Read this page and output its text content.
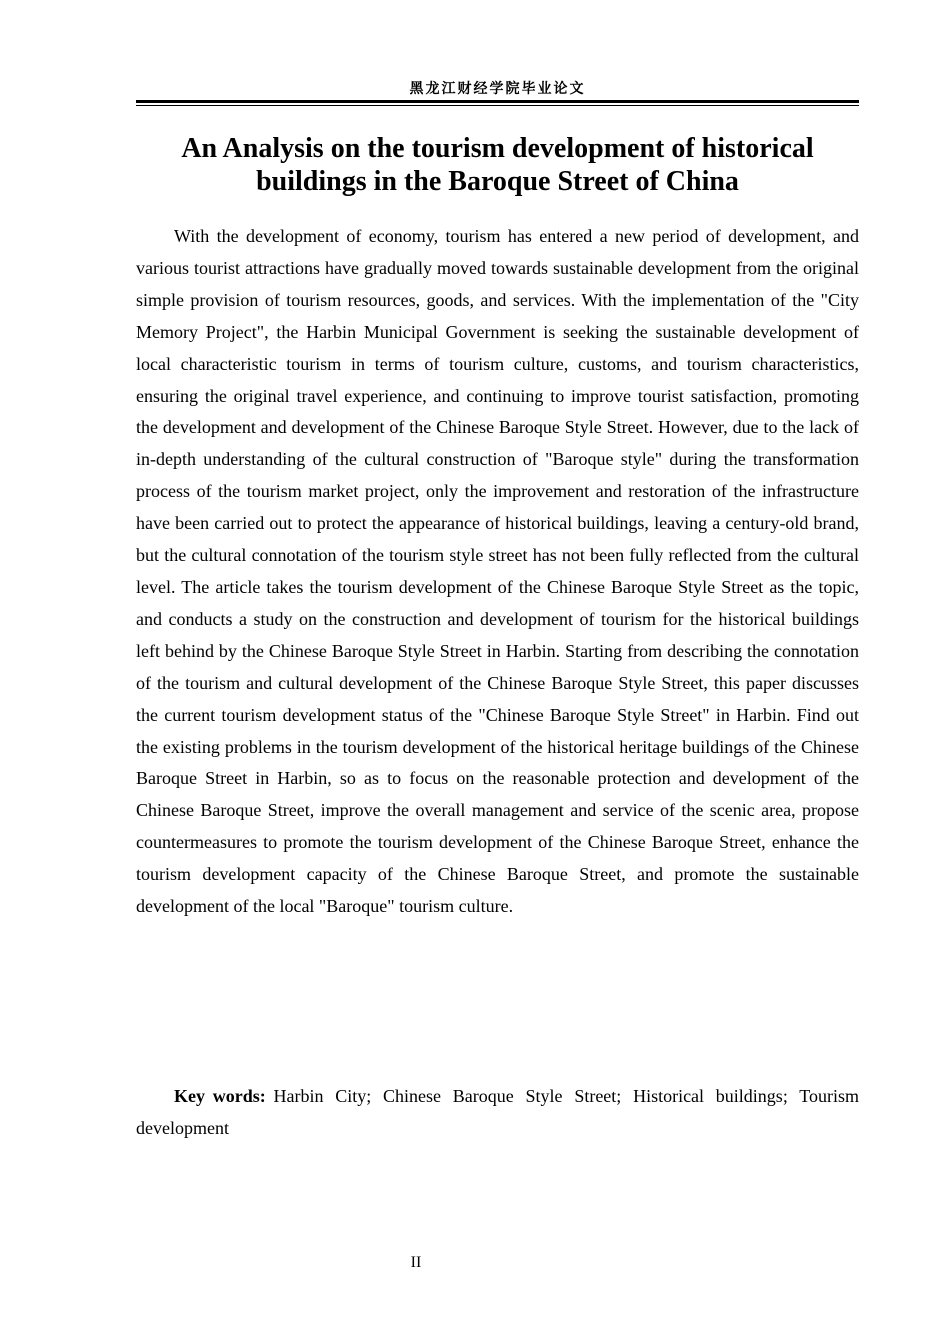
黑龙江财经学院毕业论文
An Analysis on the tourism development of historical buildings in the Baroque Street of China

With the development of economy, tourism has entered a new period of development, and various tourist attractions have gradually moved towards sustainable development from the original simple provision of tourism resources, goods, and services. With the implementation of the "City Memory Project", the Harbin Municipal Government is seeking the sustainable development of local characteristic tourism in terms of tourism culture, customs, and tourism characteristics, ensuring the original travel experience, and continuing to improve tourist satisfaction, promoting the development and development of the Chinese Baroque Style Street. However, due to the lack of in-depth understanding of the cultural construction of "Baroque style" during the transformation process of the tourism market project, only the improvement and restoration of the infrastructure have been carried out to protect the appearance of historical buildings, leaving a century-old brand, but the cultural connotation of the tourism style street has not been fully reflected from the cultural level. The article takes the tourism development of the Chinese Baroque Style Street as the topic, and conducts a study on the construction and development of tourism for the historical buildings left behind by the Chinese Baroque Style Street in Harbin. Starting from describing the connotation of the tourism and cultural development of the Chinese Baroque Style Street, this paper discusses the current tourism development status of the "Chinese Baroque Style Street" in Harbin. Find out the existing problems in the tourism development of the historical heritage buildings of the Chinese Baroque Street in Harbin, so as to focus on the reasonable protection and development of the Chinese Baroque Street, improve the overall management and service of the scenic area, propose countermeasures to promote the tourism development of the Chinese Baroque Street, enhance the tourism development capacity of the Chinese Baroque Street, and promote the sustainable development of the local "Baroque" tourism culture.

Key words: Harbin City; Chinese Baroque Style Street; Historical buildings; Tourism development

II
